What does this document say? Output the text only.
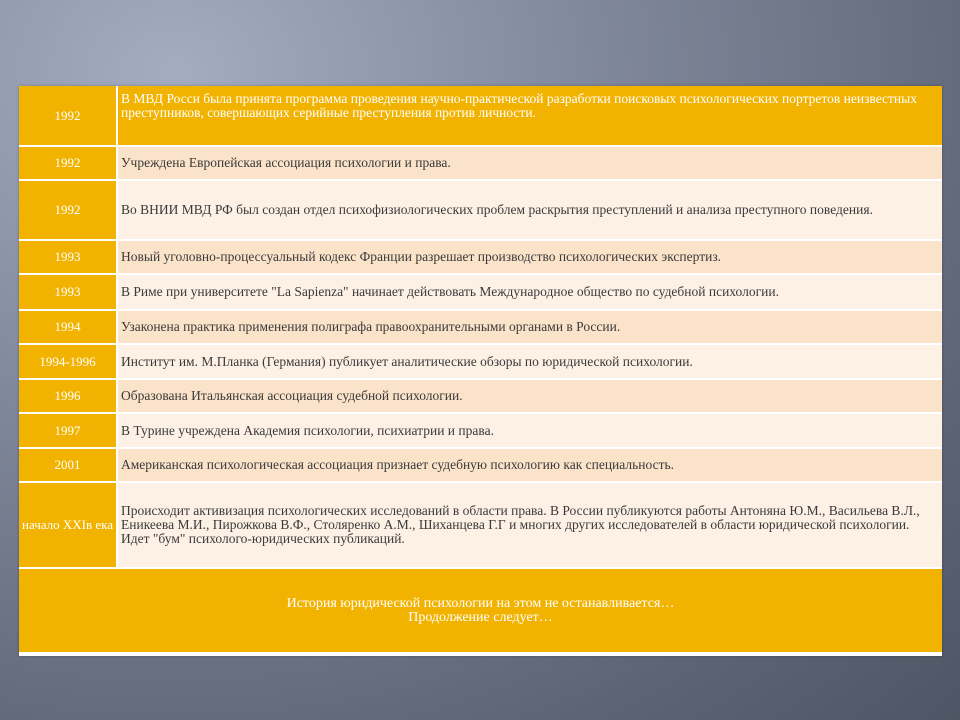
1992	В МВД Росси была принята программа проведения научно-практической разработки поисковых психологических портретов неизвестных преступников, совершающих серийные преступления против личности.
1992	Учреждена Европейская ассоциация психологии и права.
1992	Во ВНИИ МВД РФ был создан отдел психофизиологических проблем раскрытия преступлений и анализа преступного поведения.
1993	Новый уголовно-процессуальный кодекс Франции разрешает производство психологических экспертиз.
1993	В Риме при университете "La Sapienza" начинает действовать Международное общество по судебной психологии.
1994	Узаконена практика применения полиграфа правоохранительными органами в России.
1994-1996	Институт им. М.Планка (Германия) публикует аналитические обзоры по юридической психологии.
1996	Образована Итальянская ассоциация судебной психологии.
1997	В Турине учреждена Академия психологии, психиатрии и права.
2001	Американская психологическая ассоциация признает судебную психологию как специальность.
начало XXIв ека	Происходит активизация психологических исследований в области права. В России публикуются работы Антоняна Ю.М., Васильева В.Л., Еникеева М.И., Пирожкова В.Ф., Столяренко А.М., Шиханцева Г.Г и многих других исследователей в области юридической психологии. Идет "бум" психолого-юридических публикаций.

История юридической психологии на этом не останавливается…
Продолжение следует…	
